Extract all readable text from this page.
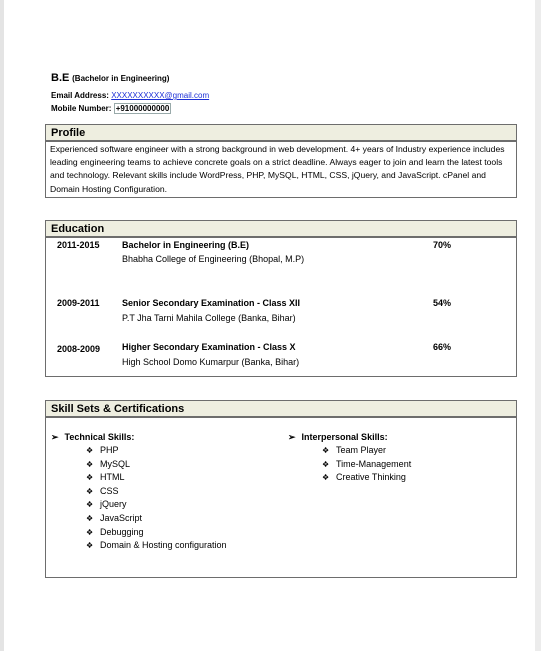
B.E (Bachelor in Engineering)
Email Address: XXXXXXXXXX@gmail.com
Mobile Number: +91000000000
Profile
Experienced software engineer with a strong background in web development. 4+ years of Industry experience includes leading engineering teams to achieve concrete goals on a strict deadline. Always eager to join and learn the latest tools and technology. Relevant skills include WordPress, PHP, MySQL, HTML, CSS, jQuery, and JavaScript. cPanel and Domain Hosting Configuration.
Education
2011-2015 Bachelor in Engineering (B.E)	70%
Bhabha College of Engineering (Bhopal, M.P)
2009-2011 Senior Secondary Examination - Class XII	54%
P.T Jha Tarni Mahila College (Banka, Bihar)
2008-2009 Higher Secondary Examination - Class X	66%
High School Domo Kumarpur (Banka, Bihar)
Skill Sets & Certifications
➢ Technical Skills:
❖ PHP
❖ MySQL
❖ HTML
❖ CSS
❖ jQuery
❖ JavaScript
❖ Debugging
❖ Domain & Hosting configuration
➢ Interpersonal Skills:
❖ Team Player
❖ Time-Management
❖ Creative Thinking
